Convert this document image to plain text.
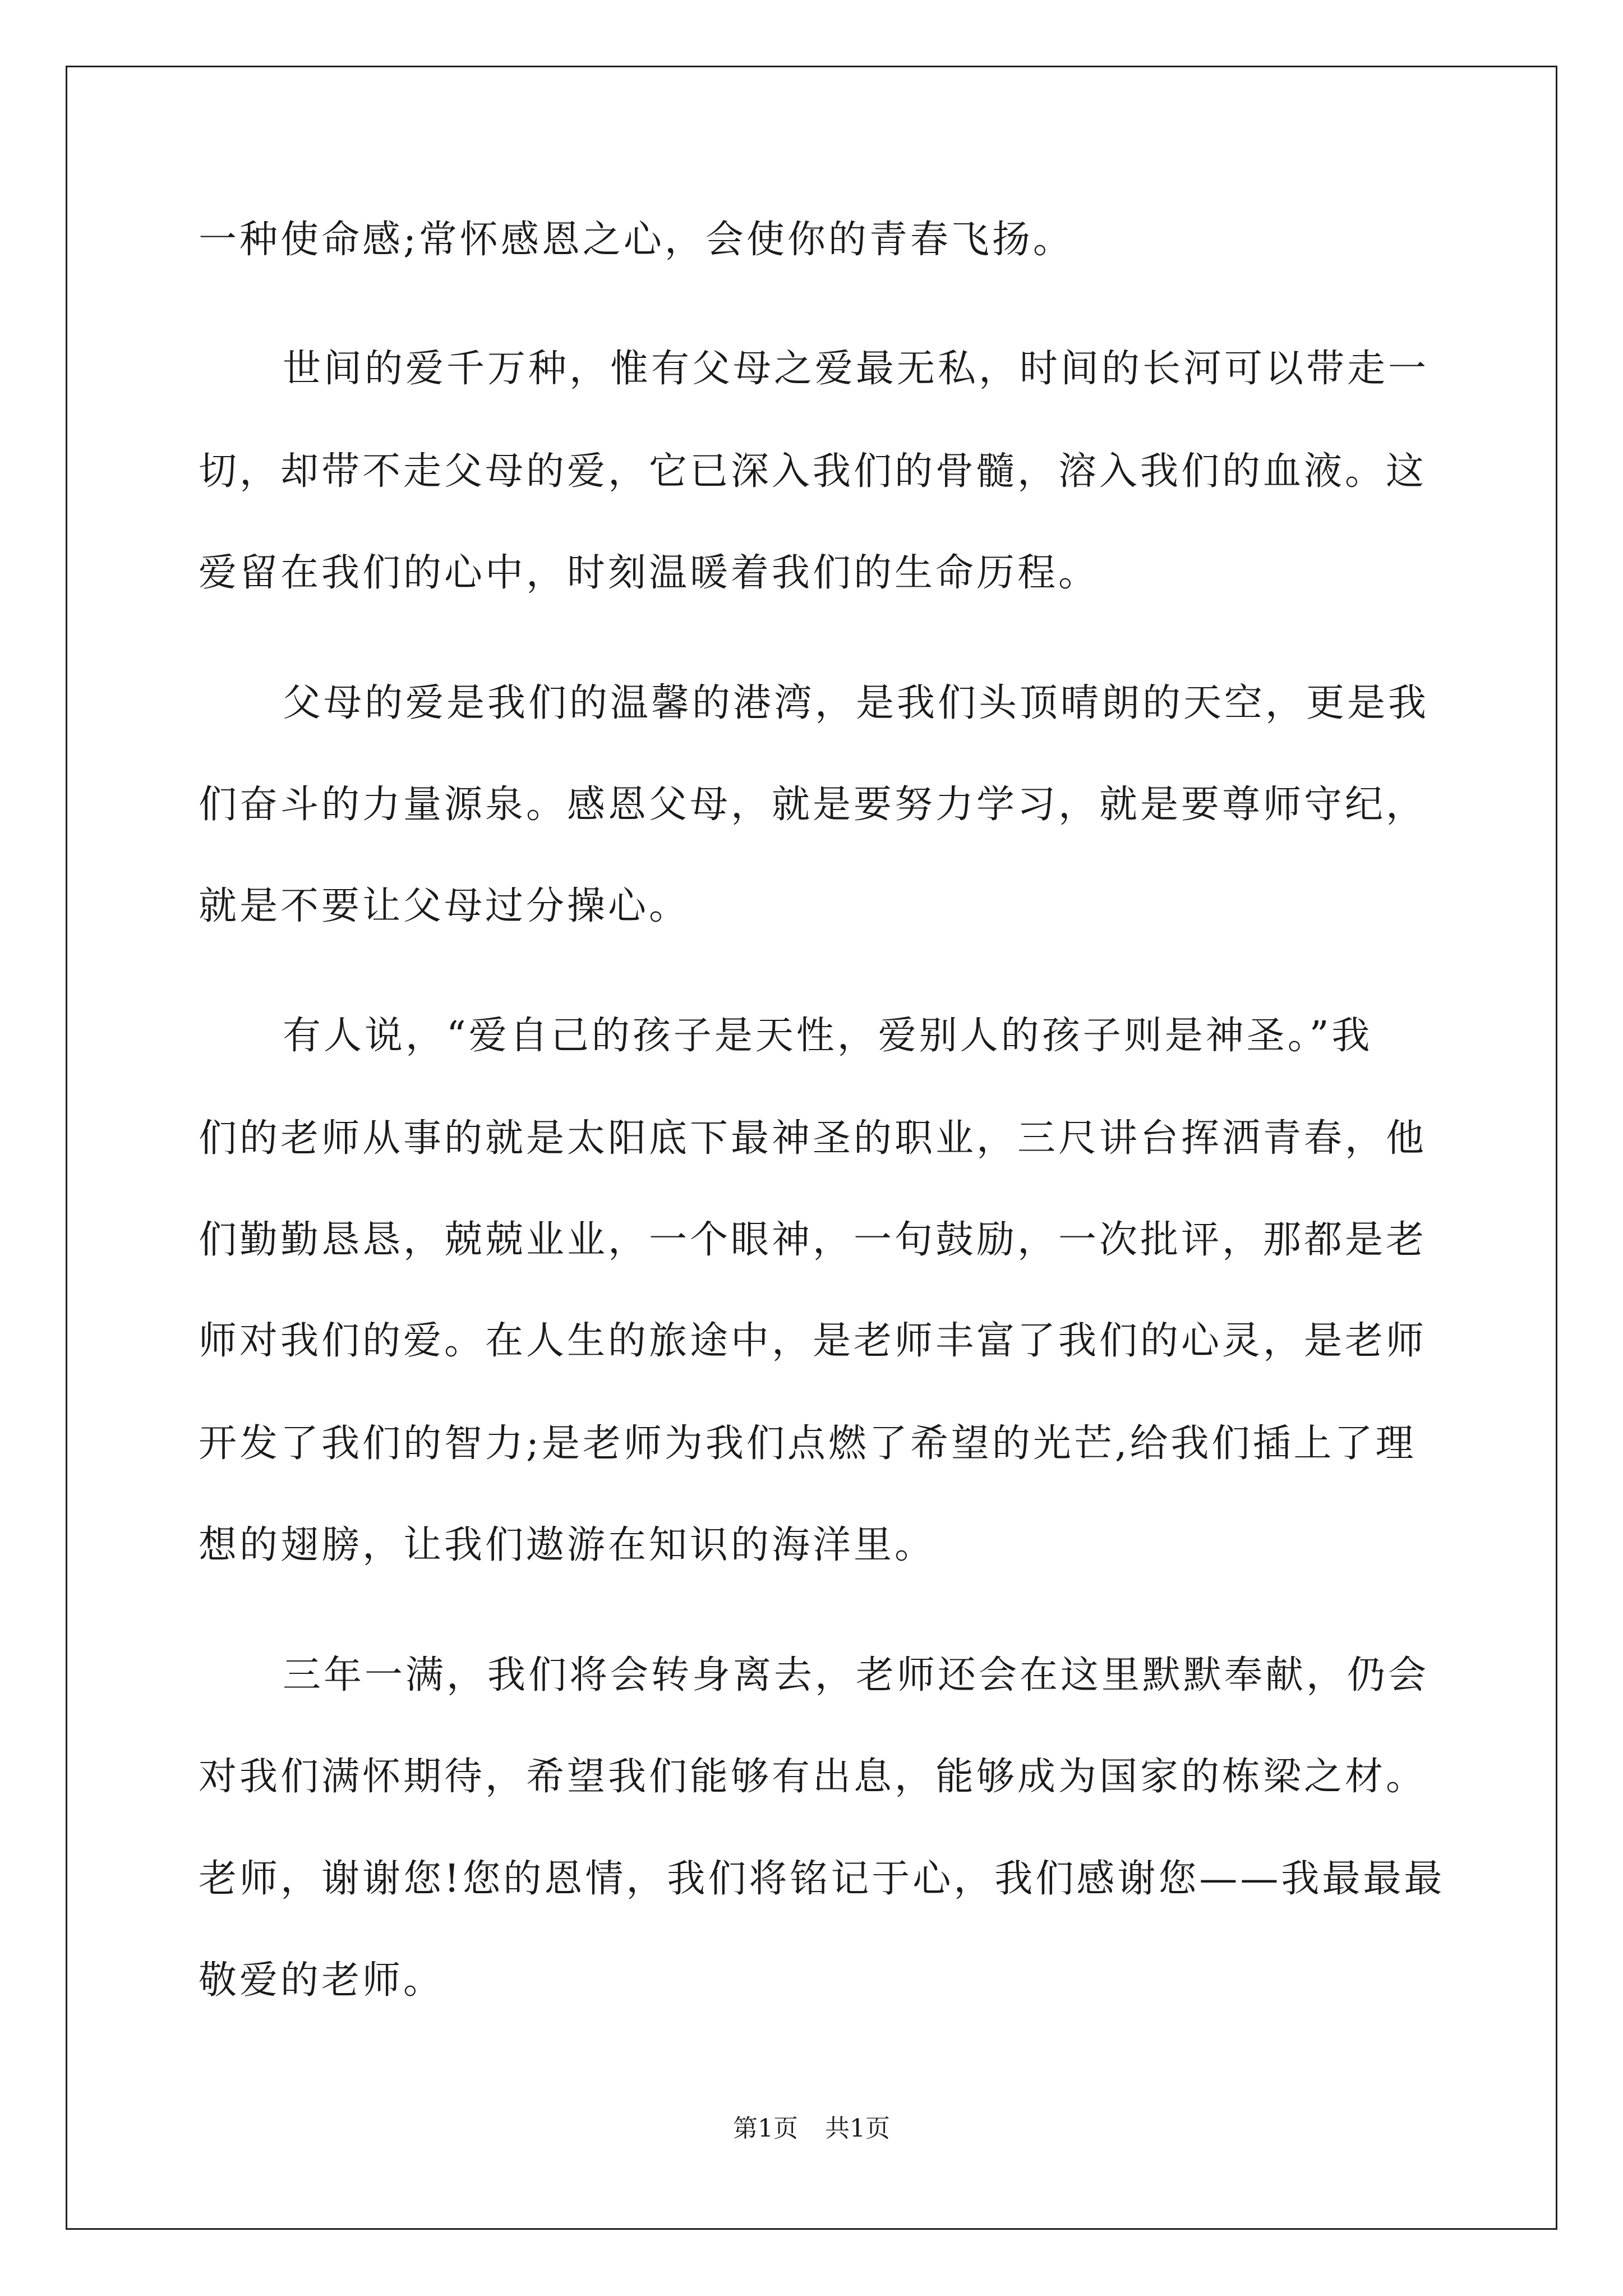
一种使命感;常怀感恩之心，会使你的青春飞扬。
世间的爱千万种，惟有父母之爱最无私，时间的长河可以带走一
切，却带不走父母的爱，它已深入我们的骨髓，溶入我们的血液。这
爱留在我们的心中，时刻温暖着我们的生命历程。
父母的爱是我们的温馨的港湾，是我们头顶晴朗的天空，更是我
们奋斗的力量源泉。感恩父母，就是要努力学习，就是要尊师守纪，
就是不要让父母过分操心。
有人说，“爱自己的孩子是天性，爱别人的孩子则是神圣。”我
们的老师从事的就是太阳底下最神圣的职业，三尺讲台挥洒青春，他
们勤勤恳恳，兢兢业业，一个眼神，一句鼓励，一次批评，那都是老
师对我们的爱。在人生的旅途中，是老师丰富了我们的心灵，是老师
开发了我们的智力;是老师为我们点燃了希望的光芒,给我们插上了理
想的翅膀，让我们遨游在知识的海洋里。
三年一满，我们将会转身离去，老师还会在这里默默奉献，仍会
对我们满怀期待，希望我们能够有出息，能够成为国家的栋梁之材。
老师，谢谢您!您的恩情，我们将铭记于心，我们感谢您——我最最最
敬爱的老师。
第1页 共1页
